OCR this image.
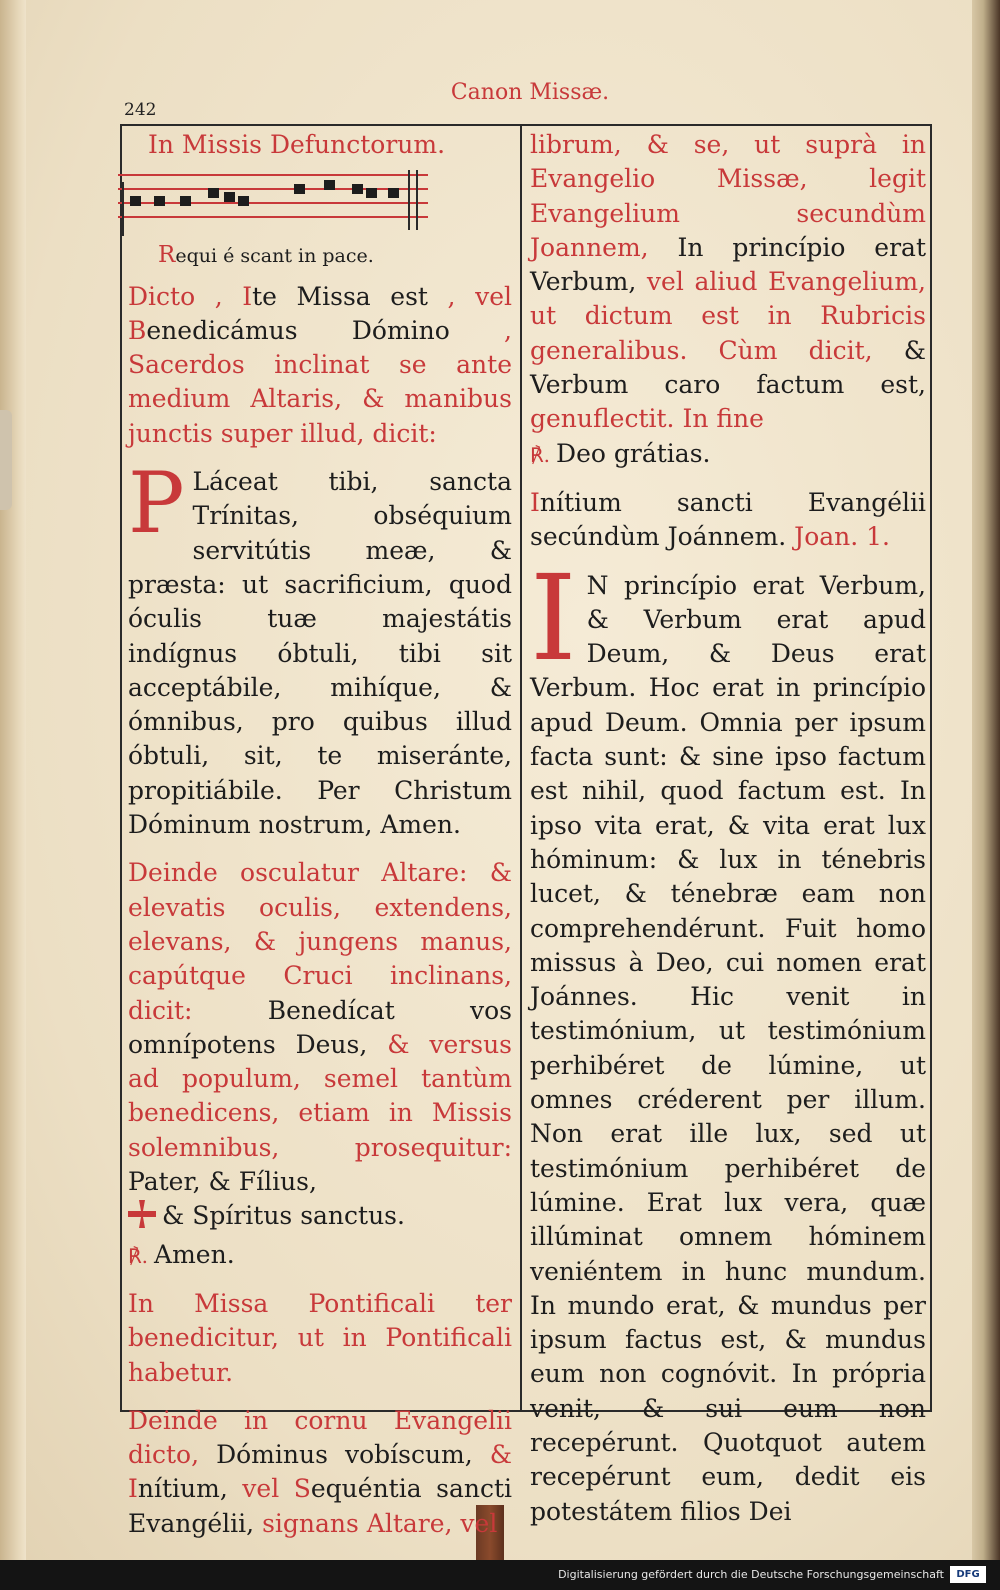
242
Canon Missæ.
In Missis Defunctorum.
Requi é scant in pace.

Dicto , Ite Missa est , vel Benedicámus Dómino , Sacerdos inclinat se ante medium Altaris, & manibus junctis super illud, dicit:

P Láceat tibi, sancta Trínitas, obséquium servitútis meæ, & præsta: ut sacrificium, quod óculis tuæ majestátis indígnus óbtuli, tibi sit acceptábile, mihíque, & ómnibus, pro quibus illud óbtuli, sit, te miseránte, propitiábile. Per Christum Dóminum nostrum, Amen.

Deinde osculatur Altare: & elevatis oculis, extendens, elevans, & jungens manus, capútque Cruci inclinans, dicit: Benedícat vos omnípotens Deus, & versus ad populum, semel tantùm benedicens, etiam in Missis solemnibus, prosequitur: Pater, & Fílius,
& Spíritus sanctus.

℟. Amen.

In Missa Pontificali ter benedicitur, ut in Pontificali habetur.

Deinde in cornu Evangelii dicto, Dóminus vobíscum, & Inítium, vel Sequéntia sancti Evangélii, signans Altare, vel

librum, & se, ut suprà in Evangelio Missæ, legit Evangelium secundùm Joannem, In princípio erat Verbum, vel aliud Evangelium, ut dictum est in Rubricis generalibus. Cùm dicit, & Verbum caro factum est, genuflectit. In fine
℟. Deo grátias.

Inítium sancti Evangélii secúndùm Joánnem. Joan. 1.

I N princípio erat Verbum, & Verbum erat apud Deum, & Deus erat Verbum. Hoc erat in princípio apud Deum. Omnia per ipsum facta sunt: & sine ipso factum est nihil, quod factum est. In ipso vita erat, & vita erat lux hóminum: & lux in ténebris lucet, & ténebræ eam non comprehendérunt. Fuit homo missus à Deo, cui nomen erat Joánnes. Hic venit in testimónium, ut testimónium perhibéret de lúmine, ut omnes créderent per illum. Non erat ille lux, sed ut testimónium perhibéret de lúmine. Erat lux vera, quæ illúminat omnem hóminem veniéntem in hunc mundum. In mundo erat, & mundus per ipsum factus est, & mundus eum non cognóvit. In própria venit, & sui eum non recepérunt. Quotquot autem recepérunt eum, dedit eis potestátem filios Dei

Digitalisierung gefördert durch die Deutsche Forschungsgemeinschaft	DFG
